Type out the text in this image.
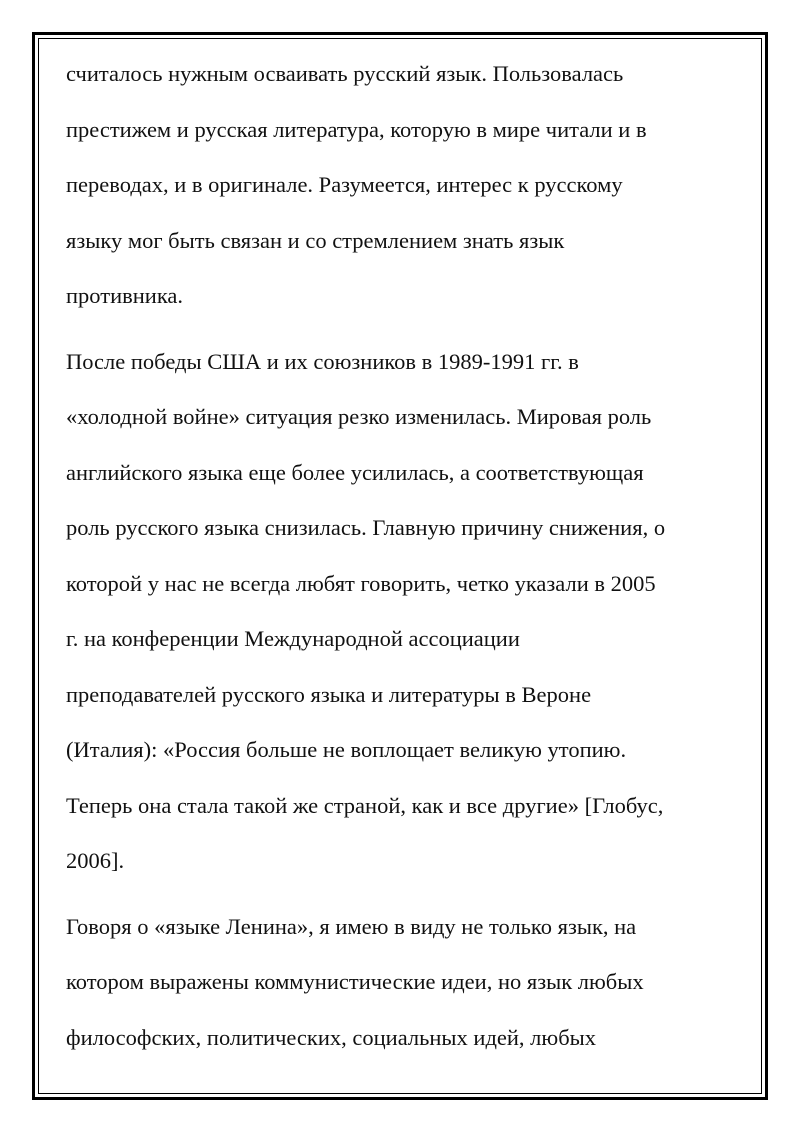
считалось нужным осваивать русский язык. Пользовалась

престижем и русская литература, которую в мире читали и в

переводах, и в оригинале. Разумеется, интерес к русскому

языку мог быть связан и со стремлением знать язык

противника.

После победы США и их союзников в 1989-1991 гг. в

«холодной войне» ситуация резко изменилась. Мировая роль

английского языка еще более усилилась, а соответствующая

роль русского языка снизилась. Главную причину снижения, о

которой у нас не всегда любят говорить, четко указали в 2005

г. на конференции Международной ассоциации

преподавателей русского языка и литературы в Вероне

(Италия): «Россия больше не воплощает великую утопию.

Теперь она стала такой же страной, как и все другие» [Глобус,

2006].

Говоря о «языке Ленина», я имею в виду не только язык, на

котором выражены коммунистические идеи, но язык любых

философских, политических, социальных идей, любых
